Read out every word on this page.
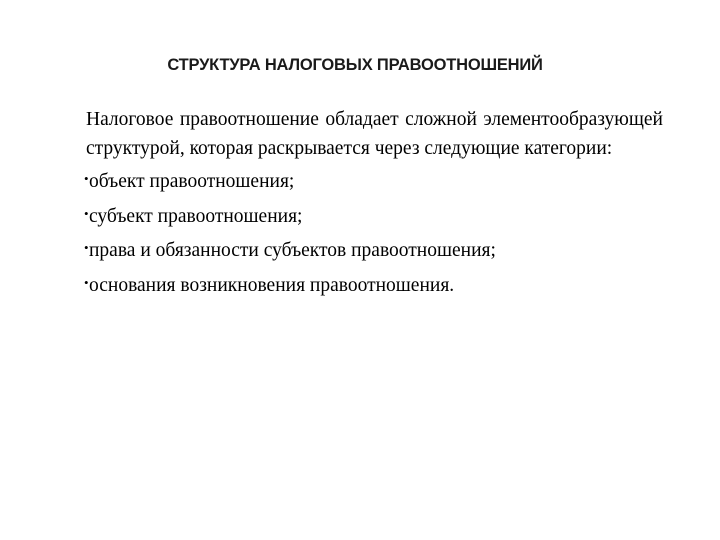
СТРУКТУРА НАЛОГОВЫХ ПРАВООТНОШЕНИЙ

Налоговое правоотношение обладает сложной элементообразующей структурой, которая раскрывается через следующие категории:

• объект правоотношения;
• субъект правоотношения;
• права и обязанности субъектов правоотношения;
• основания возникновения правоотношения.
